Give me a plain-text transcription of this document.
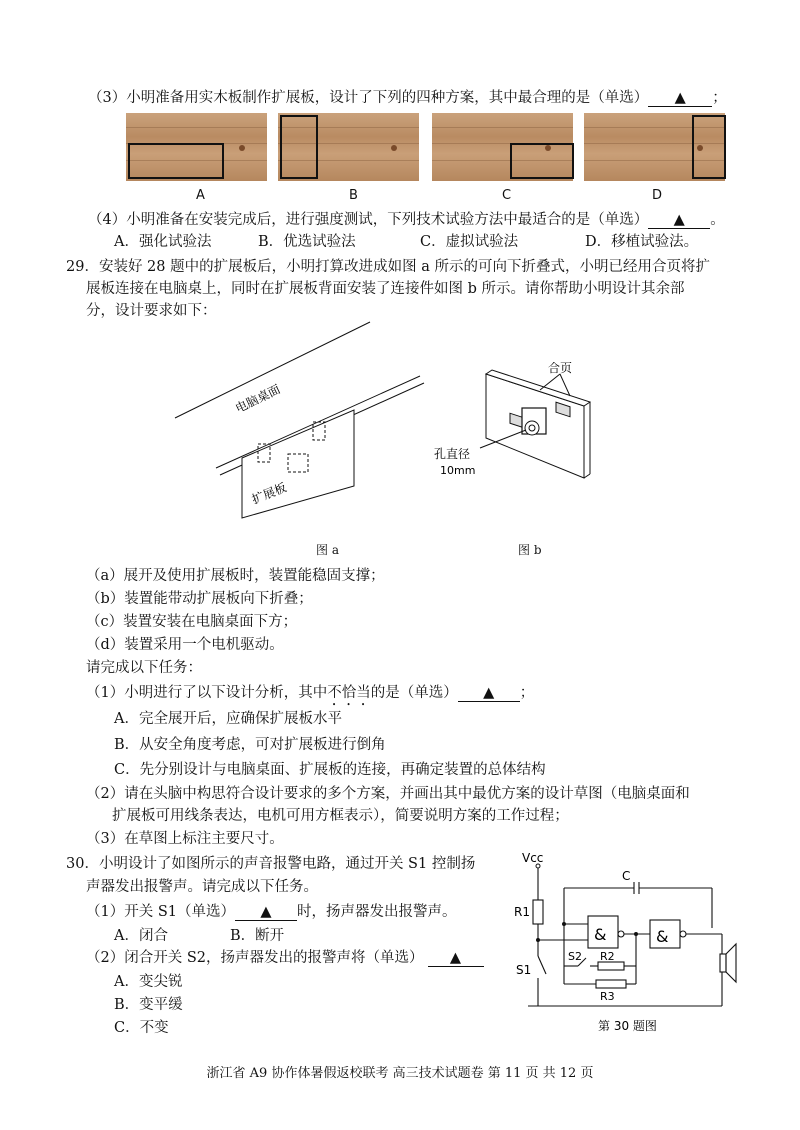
（3）小明准备用实木板制作扩展板，设计了下列的四种方案，其中最合理的是（单选） ▲ ；
A	B	C	D
（4）小明准备在安装完成后，进行强度测试，下列技术试验方法中最适合的是（单选） ▲ 。
A．强化试验法	B．优选试验法	C．虚拟试验法	D．移植试验法。
29．安装好 28 题中的扩展板后，小明打算改进成如图 a 所示的可向下折叠式，小明已经用合页将扩
展板连接在电脑桌上，同时在扩展板背面安装了连接件如图 b 所示。请你帮助小明设计其余部
分，设计要求如下：
电脑桌面
扩展板
图 a
合页
孔直径
10mm
图 b
（a）展开及使用扩展板时，装置能稳固支撑；
（b）装置能带动扩展板向下折叠；
（c）装置安装在电脑桌面下方；
（d）装置采用一个电机驱动。
请完成以下任务：
（1）小明进行了以下设计分析，其中不恰当的是（单选） ▲ ；
A．完全展开后，应确保扩展板水平
B．从安全角度考虑，可对扩展板进行倒角
C．先分别设计与电脑桌面、扩展板的连接，再确定装置的总体结构
（2）请在头脑中构思符合设计要求的多个方案，并画出其中最优方案的设计草图（电脑桌面和
扩展板可用线条表达，电机可用方框表示），简要说明方案的工作过程；
（3）在草图上标注主要尺寸。
30．小明设计了如图所示的声音报警电路，通过开关 S1 控制扬
声器发出报警声。请完成以下任务。
（1）开关 S1（单选） ▲ 时，扬声器发出报警声。
A．闭合	B．断开
（2）闭合开关 S2，扬声器发出的报警声将（单选） ▲
A．变尖锐
B．变平缓
C．不变
Vcc
C
R1
S1
S2 R2
R3
&	&
第 30 题图
浙江省 A9 协作体暑假返校联考 高三技术试题卷 第 11 页 共 12 页
